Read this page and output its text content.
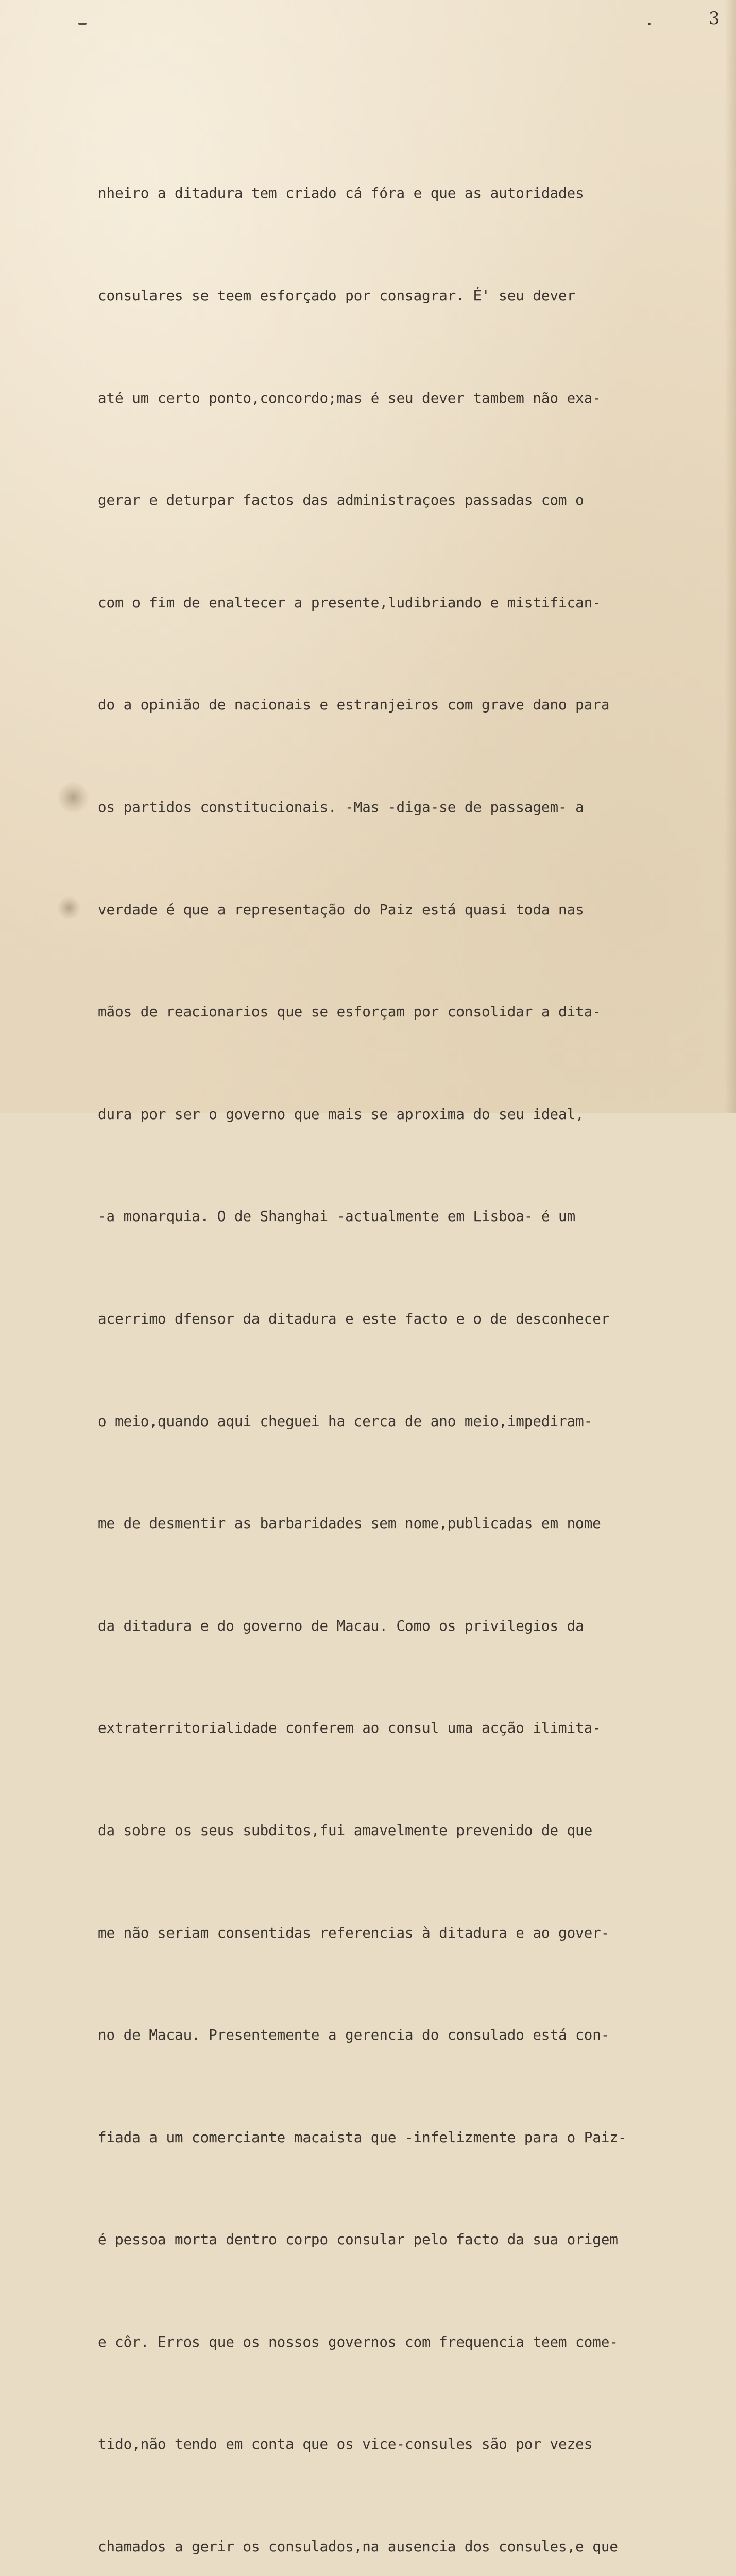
3

nheiro a ditadura tem criado cá fóra e que as autoridades

consulares se teem esforçado por consagrar. É' seu dever

até um certo ponto,concordo;mas é seu dever tambem não exa-

gerar e deturpar factos das administraçoes passadas com o

com o fim de enaltecer a presente,ludibriando e mistifican-

do a opinião de nacionais e estranjeiros com grave dano para

os partidos constitucionais. -Mas -diga-se de passagem- a

verdade é que a representação do Paiz está quasi toda nas

mãos de reacionarios que se esforçam por consolidar a dita-

dura por ser o governo que mais se aproxima do seu ideal,

-a monarquia. O de Shanghai -actualmente em Lisboa- é um

acerrimo dfensor da ditadura e este facto e o de desconhecer

o meio,quando aqui cheguei ha cerca de ano meio,impediram-

me de desmentir as barbaridades sem nome,publicadas em nome

da ditadura e do governo de Macau. Como os privilegios da

extraterritorialidade conferem ao consul uma acção ilimita-

da sobre os seus subditos,fui amavelmente prevenido de que

me não seriam consentidas referencias à ditadura e ao gover-

no de Macau. Presentemente a gerencia do consulado está con-

fiada a um comerciante macaista que -infelizmente para o Paiz-

é pessoa morta dentro corpo consular pelo facto da sua origem

e côr. Erros que os nossos governos com frequencia teem come-

tido,não tendo em conta que os vice-consules são por vezes

chamados a gerir os consulados,na ausencia dos consules,e que
